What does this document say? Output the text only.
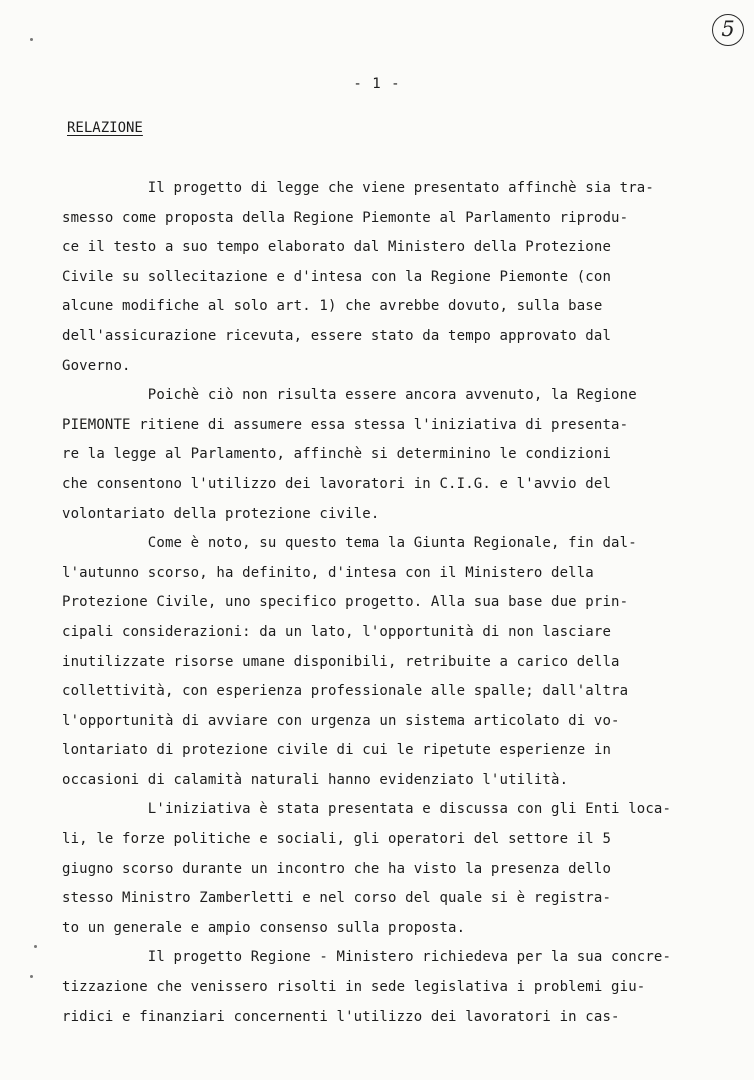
5
- 1 -
RELAZIONE
Il progetto di legge che viene presentato affinchè sia tra-
smesso come proposta della Regione Piemonte al Parlamento riprodu-
ce il testo a suo tempo elaborato dal Ministero della Protezione
Civile su sollecitazione e d'intesa con la Regione Piemonte (con
alcune modifiche al solo art. 1) che avrebbe dovuto, sulla base
dell'assicurazione ricevuta, essere stato da tempo approvato dal
Governo.
Poichè ciò non risulta essere ancora avvenuto, la Regione
PIEMONTE ritiene di assumere essa stessa l'iniziativa di presenta-
re la legge al Parlamento, affinchè si determinino le condizioni
che consentono l'utilizzo dei lavoratori in C.I.G. e l'avvio del
volontariato della protezione civile.
Come è noto, su questo tema la Giunta Regionale, fin dal-
l'autunno scorso, ha definito, d'intesa con il Ministero della
Protezione Civile, uno specifico progetto. Alla sua base due prin-
cipali considerazioni: da un lato, l'opportunità di non lasciare
inutilizzate risorse umane disponibili, retribuite a carico della
collettività, con esperienza professionale alle spalle; dall'altra
l'opportunità di avviare con urgenza un sistema articolato di vo-
lontariato di protezione civile di cui le ripetute esperienze in
occasioni di calamità naturali hanno evidenziato l'utilità.
L'iniziativa è stata presentata e discussa con gli Enti loca-
li, le forze politiche e sociali, gli operatori del settore il 5
giugno scorso durante un incontro che ha visto la presenza dello
stesso Ministro Zamberletti e nel corso del quale si è registra-
to un generale e ampio consenso sulla proposta.
Il progetto Regione - Ministero richiedeva per la sua concre-
tizzazione che venissero risolti in sede legislativa i problemi giu-
ridici e finanziari concernenti l'utilizzo dei lavoratori in cas-
